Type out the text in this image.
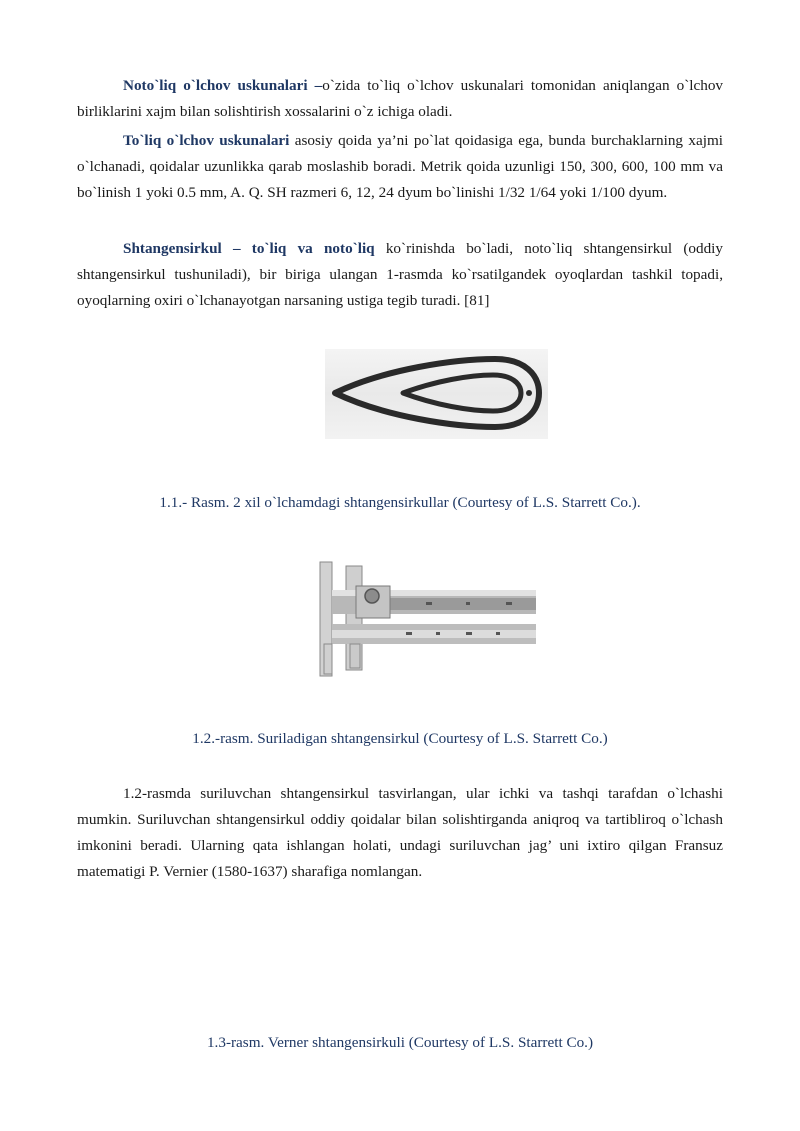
Noto`liq o`lchov uskunalari –o`zida to`liq o`lchov uskunalari tomonidan aniqlangan o`lchov birliklarini xajm bilan solishtirish xossalarini o`z ichiga oladi.

To`liq o`lchov uskunalari asosiy qoida ya’ni po`lat qoidasiga ega, bunda burchaklarning xajmi o`lchanadi, qoidalar uzunlikka qarab moslashib boradi. Metrik qoida uzunligi 150, 300, 600, 100 mm va bo`linish 1 yoki 0.5 mm, A. Q. SH razmeri 6, 12, 24 dyum bo`linishi 1/32 1/64 yoki 1/100 dyum.

Shtangensirkul – to`liq va noto`liq ko`rinishda bo`ladi, noto`liq shtangensirkul (oddiy shtangensirkul tushuniladi), bir biriga ulangan 1-rasmda ko`rsatilgandek oyoqlardan tashkil topadi, oyoqlarning oxiri o`lchanayotgan narsaning ustiga tegib turadi. [81]

1.1.- Rasm. 2 xil o`lchamdagi shtangensirkullar (Courtesy of L.S. Starrett Co.).

1.2.-rasm. Suriladigan shtangensirkul (Courtesy of L.S. Starrett Co.)

1.2-rasmda suriluvchan shtangensirkul tasvirlangan, ular ichki va tashqi tarafdan o`lchashi mumkin. Suriluvchan shtangensirkul oddiy qoidalar bilan solishtirganda aniqroq va tartibliroq o`lchash imkonini beradi. Ularning qata ishlangan holati, undagi suriluvchan jag’ uni ixtiro qilgan Fransuz matematigi P. Vernier (1580-1637) sharafiga nomlangan.

1.3-rasm. Verner shtangensirkuli (Courtesy of L.S. Starrett Co.)
